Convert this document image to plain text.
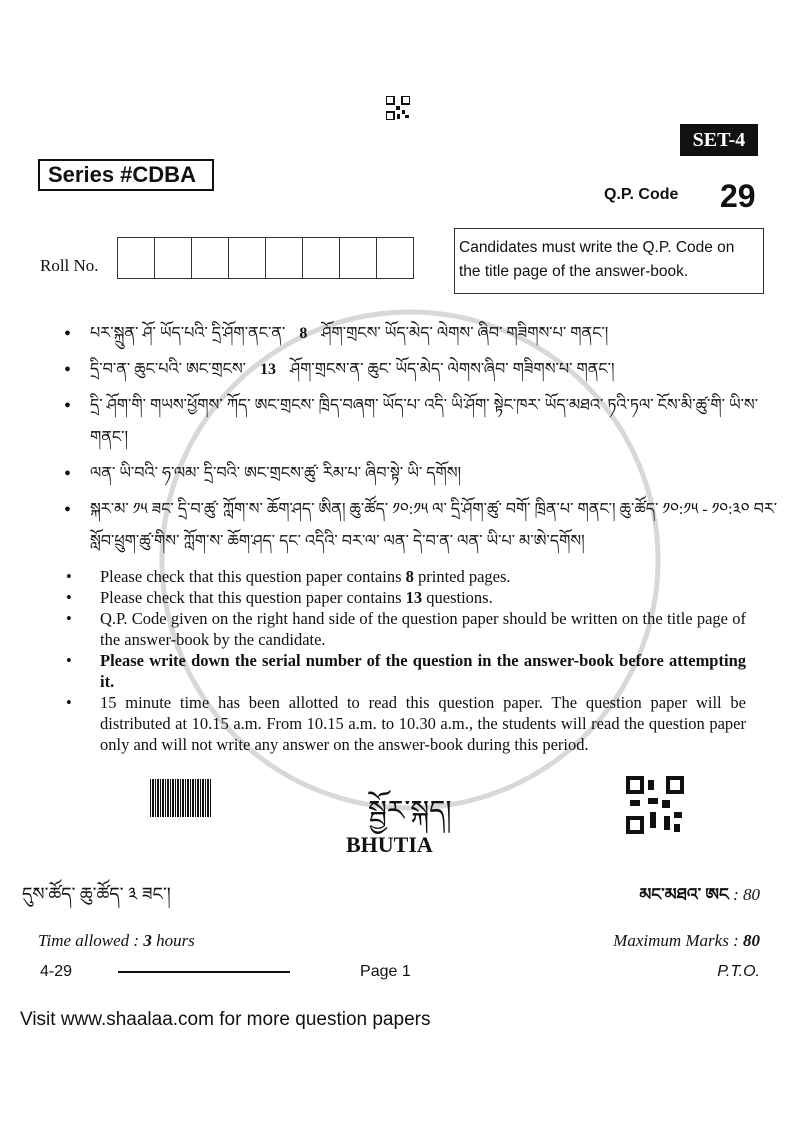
SET-4
Series #CDBA
Q.P. Code 29
Roll No.
Candidates must write the Q.P. Code on the title page of the answer-book.
• པར་སྐྲུན་ ཤོ་ ཡོད་པའི་ དྲི་ཤོག་ནང་ན་ 8 ཤོག་གྲངས་ ཡོད་མེད་ ལེགས་ ཞིབ་ གཟིགས་པ་ གནང་།
• དྲི་བ་ན་ ཆུང་པའི་ ཨང་གྲངས་ 13 ཤོག་གྲངས་ན་ ཆུང་ ཡོད་མེད་ ལེགས་ཞིབ་ གཟིགས་པ་ གནང་།
• དྲི་ ཤོག་གི་ གཡས་ཕྱོགས་ ཀོད་ ཨང་གྲངས་ ཁྲིད་བཞག་ ཡོད་པ་ འདི་ ཡི་ཤོག་ སྟེང་ཁར་ ཡོད་མཐའ་ ཏའི་ཏལ་ ངོས་མི་ཚུ་གི་ ཡི་ས་ གནང་།
• ལན་ ཡི་བའི་ ཧ་ལམ་ དྲི་བའི་ ཨང་གྲངས་ཚུ་ རིམ་པ་ ཞིབ་སྟེ་ ཡི་ དགོས།
• སྐར་མ་ ༡༥ ཟང་ དྲི་བ་ཚུ་ ཀློག་ས་ ཆོག་ཤད་ ཨིན། ཆུ་ཚོད་ ༡༠:༡༥ ལ་ དྲི་ཤོག་ཚུ་ བགོ་ ཁྲིན་པ་ གནང་། ཆུ་ཚོད་ ༡༠:༡༥ - ༡༠:༣༠ བར་ སློབ་ཕྲུག་ཚུ་གིས་ ཀློག་ས་ ཆོག་ཤད་ དང་ འདིའི་ བར་ལ་ ལན་ དེ་བ་ན་ ལན་ ཡི་པ་ མ་ཨེ་དགོས།
• Please check that this question paper contains 8 printed pages.
• Please check that this question paper contains 13 questions.
• Q.P. Code given on the right hand side of the question paper should be written on the title page of the answer-book by the candidate.
• Please write down the serial number of the question in the answer-book before attempting it.
• 15 minute time has been allotted to read this question paper. The question paper will be distributed at 10.15 a.m. From 10.15 a.m. to 10.30 a.m., the students will read the question paper only and will not write any answer on the answer-book during this period.
སྦྱོར་སྐད།
BHUTIA
དུས་ཚོད་ ཆུ་ཚོད་ ༣ ཟང་།	མང་མཐའ་ ཨང : 80
Time allowed : 3 hours	Maximum Marks : 80
4-29	Page 1	P.T.O.
Visit www.shaalaa.com for more question papers
